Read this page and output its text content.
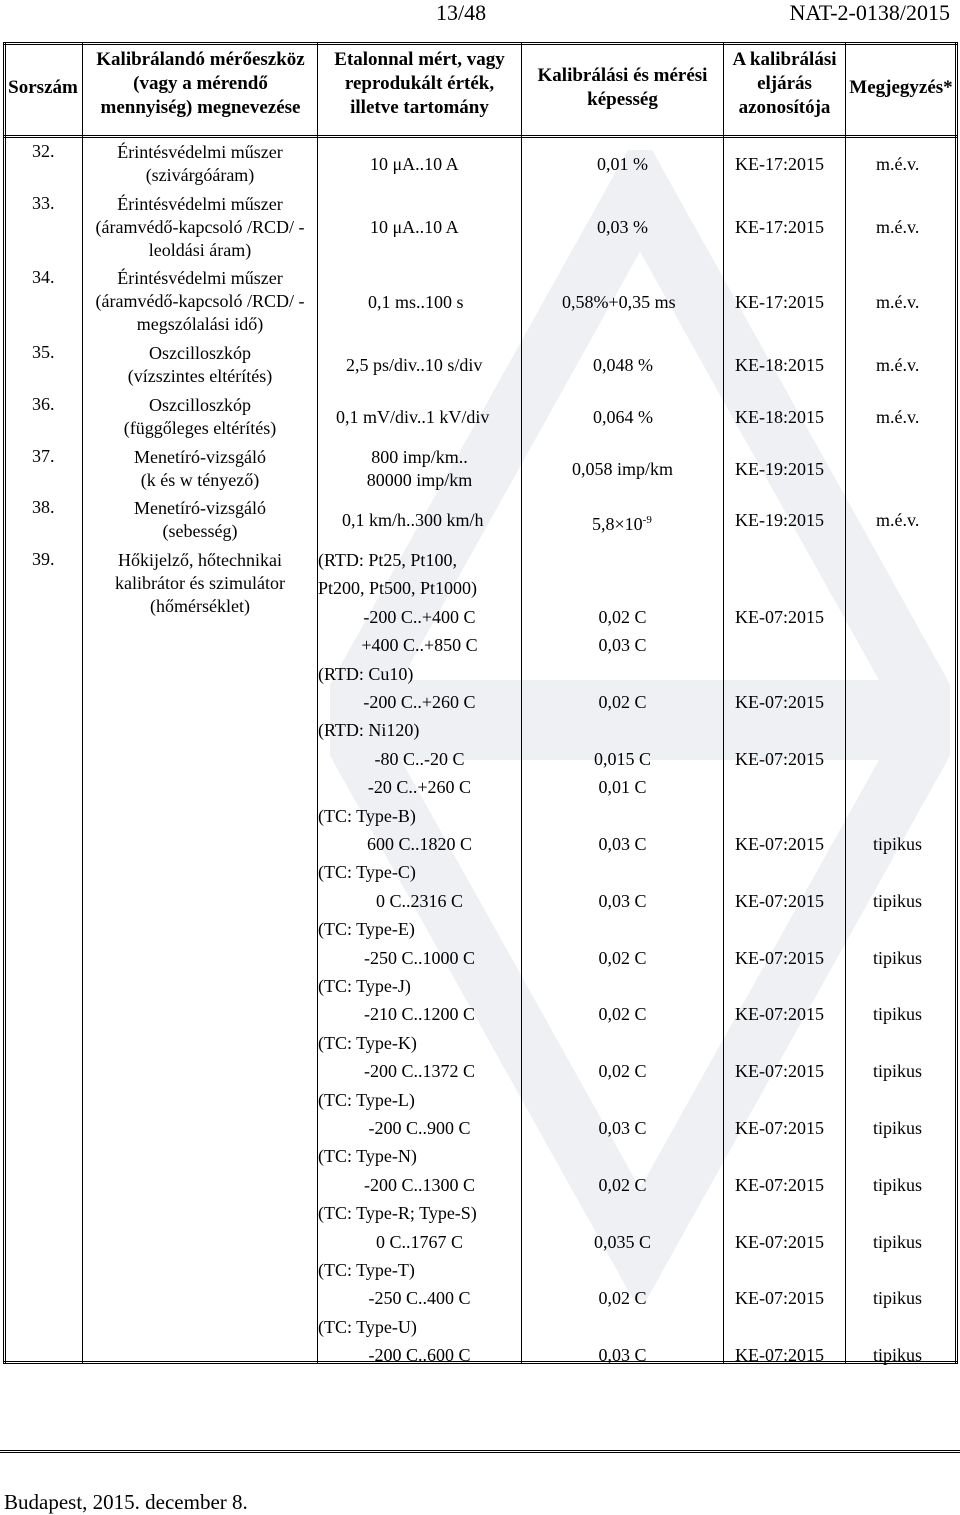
13/48	NAT-2-0138/2015
Sorszám
Kalibrálandó mérőeszköz
(vagy a mérendő
mennyiség) megnevezése
Etalonnal mért, vagy
reprodukált érték,
illetve tartomány
Kalibrálási és mérési
képesség
A kalibrálási
eljárás
azonosítója
Megjegyzés*
32.	Érintésvédelmi műszer
(szivárgóáram)
10 μA..10 A	0,01 %	KE-17:2015	m.é.v.
33.	Érintésvédelmi műszer
(áramvédő-kapcsoló /RCD/ -
leoldási áram)
10 μA..10 A	0,03 %	KE-17:2015	m.é.v.
34.	Érintésvédelmi műszer
(áramvédő-kapcsoló /RCD/ -
megszólalási idő)
0,1 ms..100 s	0,58%+0,35 ms	KE-17:2015	m.é.v.
35.	Oszcilloszkóp
(vízszintes eltérítés)
2,5 ps/div..10 s/div	0,048 %	KE-18:2015	m.é.v.
36.	Oszcilloszkóp
(függőleges eltérítés)
0,1 mV/div..1 kV/div	0,064 %	KE-18:2015	m.é.v.
37.	Menetíró-vizsgáló
(k és w tényező)
800 imp/km..
80000 imp/km
0,058 imp/km	KE-19:2015
38.	Menetíró-vizsgáló
(sebesség)
0,1 km/h..300 km/h	$5,8\times 10^{-9}$	KE-19:2015	m.é.v.
39.	Hőkijelző, hőtechnikai
kalibrátor és szimulátor
(hőmérséklet)
(RTD: Pt25, Pt100,
Pt200, Pt500, Pt1000)
-200 C..+400 C	0,02 C	KE-07:2015
+400 C..+850 C	0,03 C
(RTD: Cu10)
-200 C..+260 C	0,02 C	KE-07:2015
(RTD: Ni120)
-80 C..-20 C	0,015 C	KE-07:2015
-20 C..+260 C	0,01 C
(TC: Type-B)
600 C..1820 C	0,03 C	KE-07:2015	tipikus
(TC: Type-C)
0 C..2316 C	0,03 C	KE-07:2015	tipikus
(TC: Type-E)
-250 C..1000 C	0,02 C	KE-07:2015	tipikus
(TC: Type-J)
-210 C..1200 C	0,02 C	KE-07:2015	tipikus
(TC: Type-K)
-200 C..1372 C	0,02 C	KE-07:2015	tipikus
(TC: Type-L)
-200 C..900 C	0,03 C	KE-07:2015	tipikus
(TC: Type-N)
-200 C..1300 C	0,02 C	KE-07:2015	tipikus
(TC: Type-R; Type-S)
0 C..1767 C	0,035 C	KE-07:2015	tipikus
(TC: Type-T)
-250 C..400 C	0,02 C	KE-07:2015	tipikus
(TC: Type-U)
-200 C..600 C	0,03 C	KE-07:2015	tipikus
Budapest, 2015. december 8.
